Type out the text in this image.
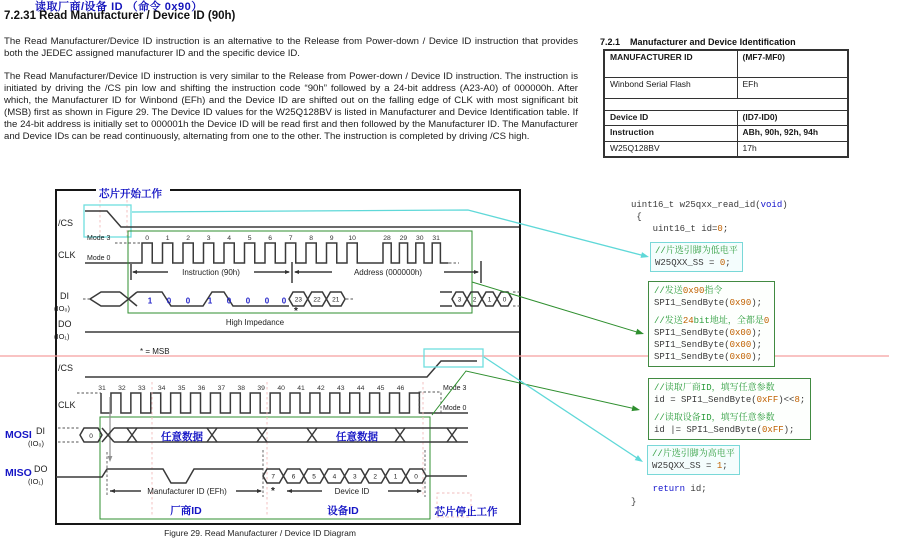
芯片开始工作
/CS
Mode 3
Mode 0
CLK
0 1 2 3 4 5 6 7 8 9 10	28 29 30 31
Instruction (90h)	Address (000000h)
DI
(IO₀)
1 0 0 1 0 0 0 0 23 22 21	3 2 1 0
*
DO
(IO₁)
High Impedance
* = MSB
/CS
CLK
Mode 3
Mode 0
31 32 33 34 35 36 37 38 39 40 41 42 43 44 45 46
MOSI DI
(IO₀)
0	任意数据	任意数据
MISO DO
(IO₁)	7	6	5	4	3	2	1	0
Manufacturer ID (EFh)	Device ID
*
厂商ID	设备ID	芯片停止工作
读取厂商/设备 ID （命令 0x90）
7.2.31 Read Manufacturer / Device ID (90h)
The Read Manufacturer/Device ID instruction is an alternative to the Release from Power-down / Device ID instruction that provides both the JEDEC assigned manufacturer ID and the specific device ID.
The Read Manufacturer/Device ID instruction is very similar to the Release from Power-down / Device ID instruction. The instruction is initiated by driving the /CS pin low and shifting the instruction code “90h” followed by a 24-bit address (A23-A0) of 000000h. After which, the Manufacturer ID for Winbond (EFh) and the Device ID are shifted out on the falling edge of CLK with most significant bit (MSB) first as shown in Figure 29. The Device ID values for the W25Q128BV is listed in Manufacturer and Device Identification table. If the 24-bit address is initially set to 000001h the Device ID will be read first and then followed by the Manufacturer ID. The Manufacturer and Device IDs can be read continuously, alternating from one to the other. The instruction is completed by driving /CS high.
7.2.1 Manufacturer and Device Identification
MANUFACTURER ID	(MF7-MF0)
Winbond Serial Flash	EFh

Device ID	(ID7-ID0)
Instruction	ABh, 90h, 92h, 94h
W25Q128BV	17h
uint16_t w25qxx_read_id(void)
{
uint16_t id=0;
//片选引脚为低电平
W25QXX_SS = 0;
//发送0x90指令
SPI1_SendByte(0x90);
//发送24bit地址，全都是0
SPI1_SendByte(0x00);
SPI1_SendByte(0x00);
SPI1_SendByte(0x00);
//读取厂商ID，填写任意参数
id = SPI1_SendByte(0xFF)<<8;
//读取设备ID，填写任意参数
id |= SPI1_SendByte(0xFF);
//片选引脚为高电平
W25QXX_SS = 1;
return id;
}
Figure 29. Read Manufacturer / Device ID Diagram
